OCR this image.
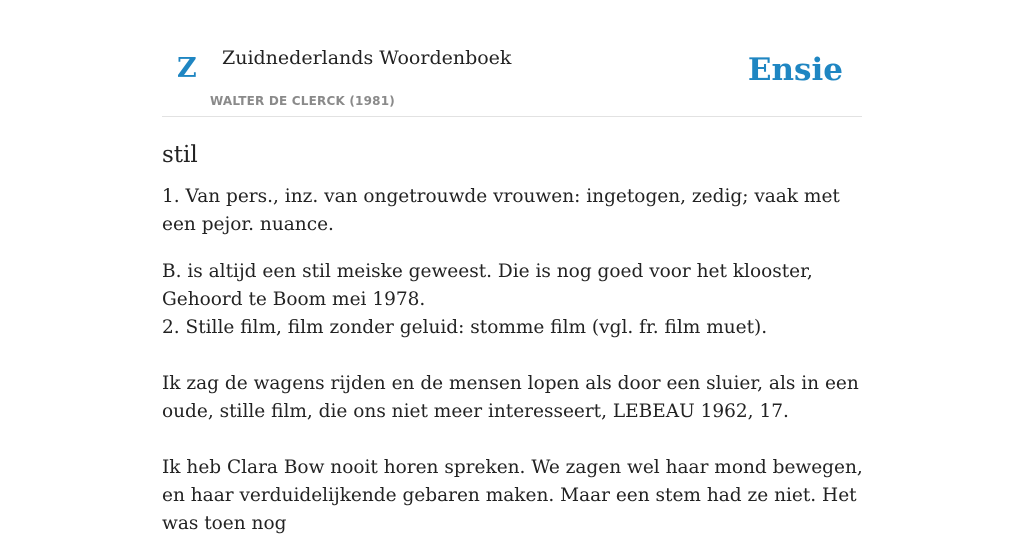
Z Zuidnederlands Woordenboek
WALTER DE CLERCK (1981)
Ensie
stil

1. Van pers., inz. van ongetrouwde vrouwen: ingetogen, zedig; vaak met een pejor. nuance.

B. is altijd een stil meiske geweest. Die is nog goed voor het klooster, Gehoord te Boom mei 1978.

2. Stille film, film zonder geluid: stomme film (vgl. fr. film muet).

Ik zag de wagens rijden en de mensen lopen als door een sluier, als in een oude, stille film, die ons niet meer interesseert, LEBEAU 1962, 17.

Ik heb Clara Bow nooit horen spreken. We zagen wel haar mond bewegen, en haar verduidelijkende gebaren maken. Maar een stem had ze niet. Het was toen nog
